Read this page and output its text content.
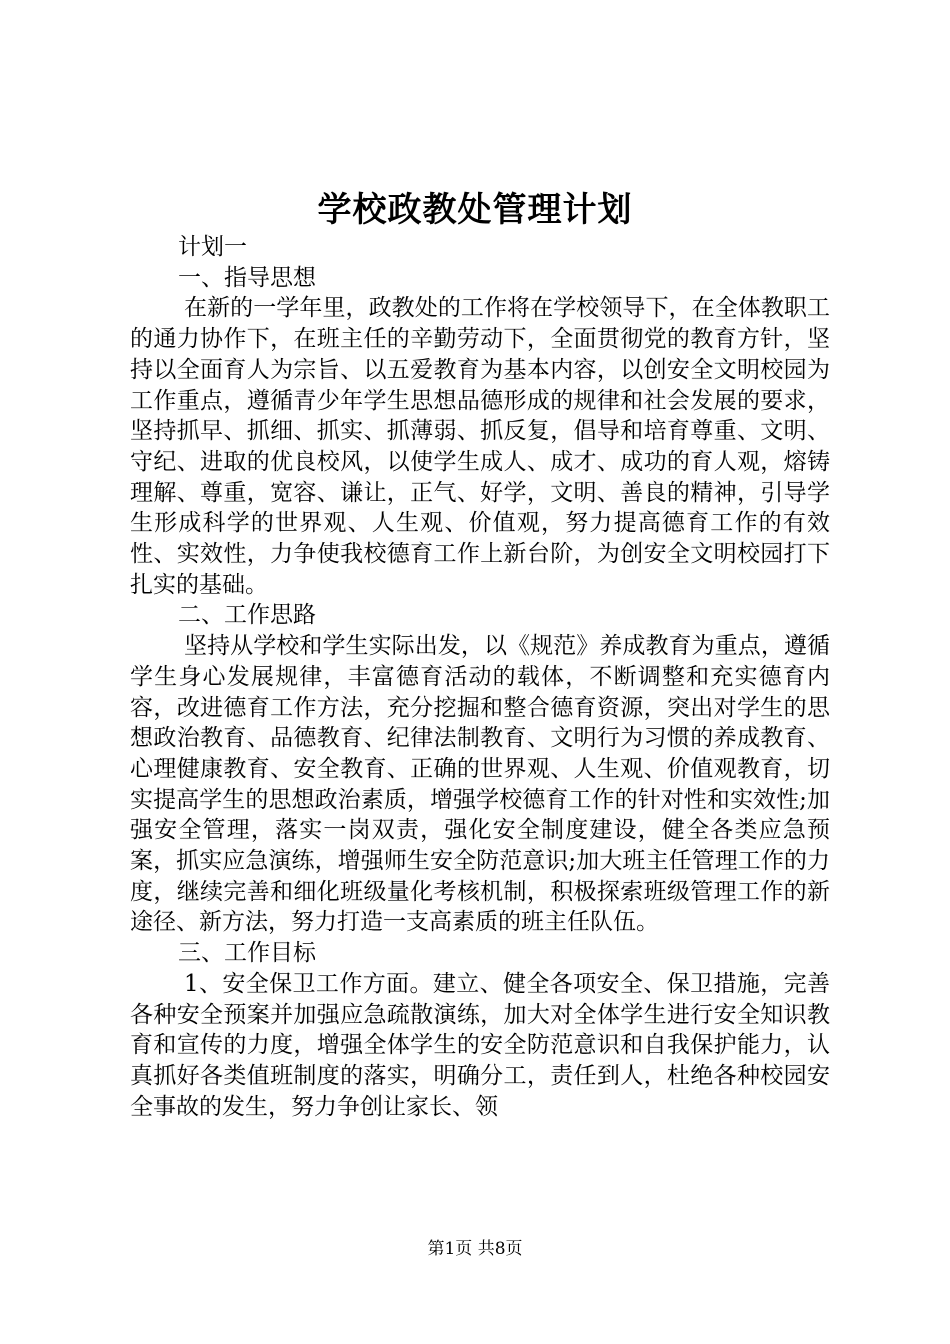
学校政教处管理计划

计划一

一、指导思想

在新的一学年里，政教处的工作将在学校领导下，在全体教职工的通力协作下，在班主任的辛勤劳动下，全面贯彻党的教育方针，坚持以全面育人为宗旨、以五爱教育为基本内容，以创安全文明校园为工作重点，遵循青少年学生思想品德形成的规律和社会发展的要求，坚持抓早、抓细、抓实、抓薄弱、抓反复，倡导和培育尊重、文明、守纪、进取的优良校风，以使学生成人、成才、成功的育人观，熔铸理解、尊重，宽容、谦让，正气、好学，文明、善良的精神，引导学生形成科学的世界观、人生观、价值观，努力提高德育工作的有效性、实效性，力争使我校德育工作上新台阶，为创安全文明校园打下扎实的基础。

二、工作思路

坚持从学校和学生实际出发，以《规范》养成教育为重点，遵循学生身心发展规律，丰富德育活动的载体，不断调整和充实德育内容，改进德育工作方法，充分挖掘和整合德育资源，突出对学生的思想政治教育、品德教育、纪律法制教育、文明行为习惯的养成教育、心理健康教育、安全教育、正确的世界观、人生观、价值观教育，切实提高学生的思想政治素质，增强学校德育工作的针对性和实效性;加强安全管理，落实一岗双责，强化安全制度建设，健全各类应急预案，抓实应急演练，增强师生安全防范意识;加大班主任管理工作的力度，继续完善和细化班级量化考核机制，积极探索班级管理工作的新途径、新方法，努力打造一支高素质的班主任队伍。

三、工作目标

1、安全保卫工作方面。建立、健全各项安全、保卫措施，完善各种安全预案并加强应急疏散演练，加大对全体学生进行安全知识教育和宣传的力度，增强全体学生的安全防范意识和自我保护能力，认真抓好各类值班制度的落实，明确分工，责任到人，杜绝各种校园安全事故的发生，努力争创让家长、领

第1页 共8页
